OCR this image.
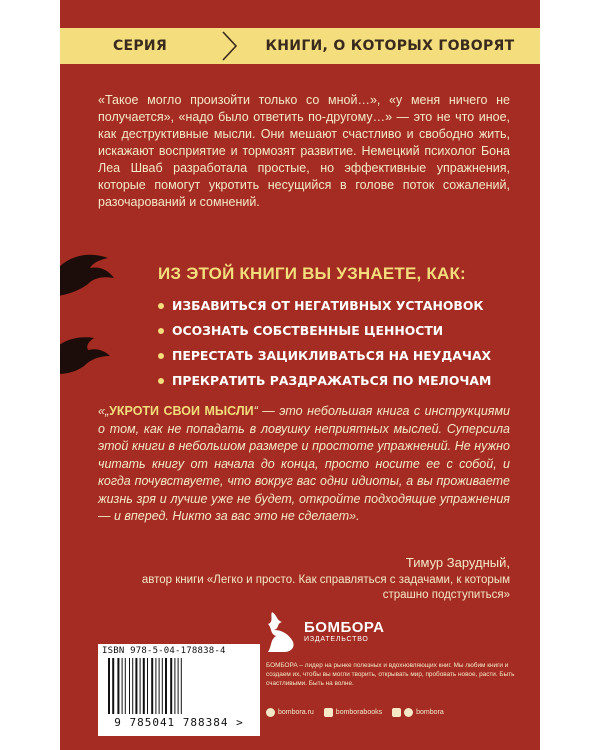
СЕРИЯ	КНИГИ, О КОТОРЫХ ГОВОРЯТ

«Такое могло произойти только со мной…», «у меня ничего не получается», «надо было ответить по-другому…» — это не что иное, как деструктивные мысли. Они мешают счастливо и свободно жить, искажают восприятие и тормозят развитие. Немецкий психолог Бона Леа Шваб разработала простые, но эффективные упражнения, которые помогут укротить несущийся в голове поток сожалений, разочарований и сомнений.

ИЗ ЭТОЙ КНИГИ ВЫ УЗНАЕТЕ, КАК:
ИЗБАВИТЬСЯ ОТ НЕГАТИВНЫХ УСТАНОВОК
ОСОЗНАТЬ СОБСТВЕННЫЕ ЦЕННОСТИ
ПЕРЕСТАТЬ ЗАЦИКЛИВАТЬСЯ НА НЕУДАЧАХ
ПРЕКРАТИТЬ РАЗДРАЖАТЬСЯ ПО МЕЛОЧАМ

«„УКРОТИ СВОИ МЫСЛИ“ — это небольшая книга с инструкциями о том, как не попадать в ловушку неприятных мыслей. Суперсила этой книги в небольшом размере и простоте упражнений. Не нужно читать книгу от начала до конца, просто носите ее с собой, и когда почувствуете, что вокруг вас одни идиоты, а вы проживаете жизнь зря и лучше уже не будет, откройте подходящие упражнения — и вперед. Никто за вас это не сделает».

Тимур Зарудный,
автор книги «Легко и просто. Как справляться с задачами, к которым страшно подступиться»
ISBN 978-5-04-178838-4
9 785041 788384 >
БОМБОРА
ИЗДАТЕЛЬСТВО

БОМБОРА – лидер на рынке полезных и вдохновляющих книг. Мы любим книги и создаем их, чтобы вы могли творить, открывать мир, пробовать новое, расти. Быть счастливыми. Быть на волне.

bombora.ru	bomborabooks	bombora
